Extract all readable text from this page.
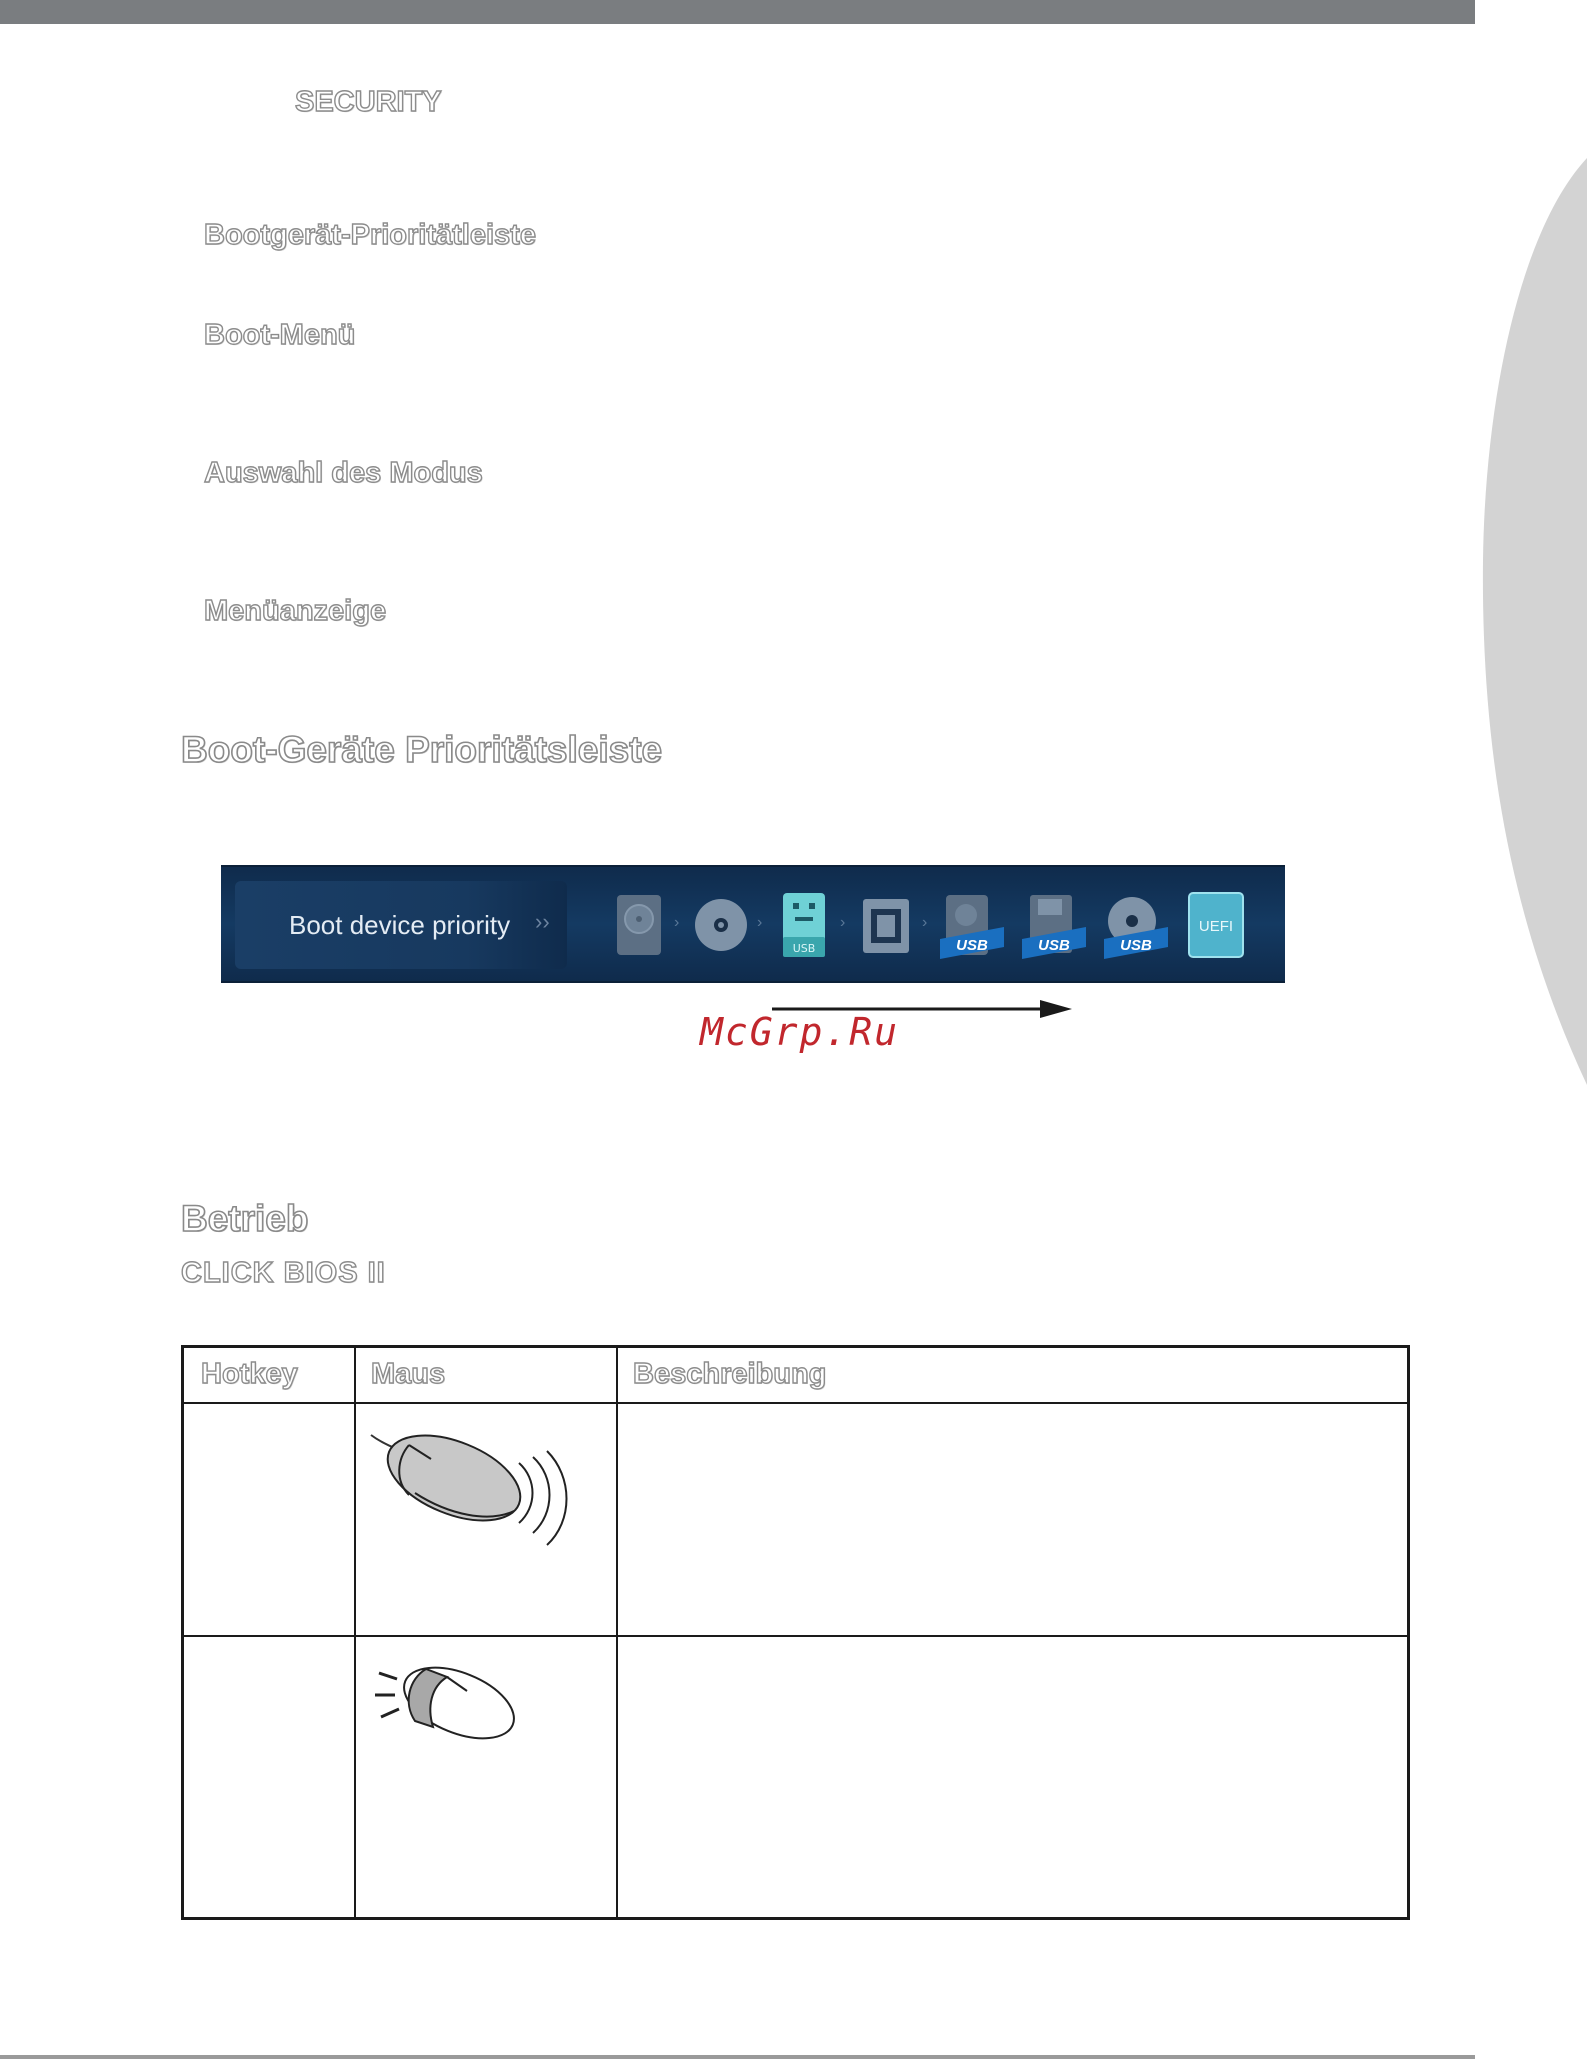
SECURITY
Bootgerät-Prioritätleiste
Boot-Menü
Auswahl des Modus
Menüanzeige
Boot-Geräte Prioritätsleiste
Boot device priority ››	›	›
USB
›	›
USB	USB	USB
UEFI
McGrp.Ru
Betrieb
CLICK BIOS II
Hotkey	Maus	Beschreibung
